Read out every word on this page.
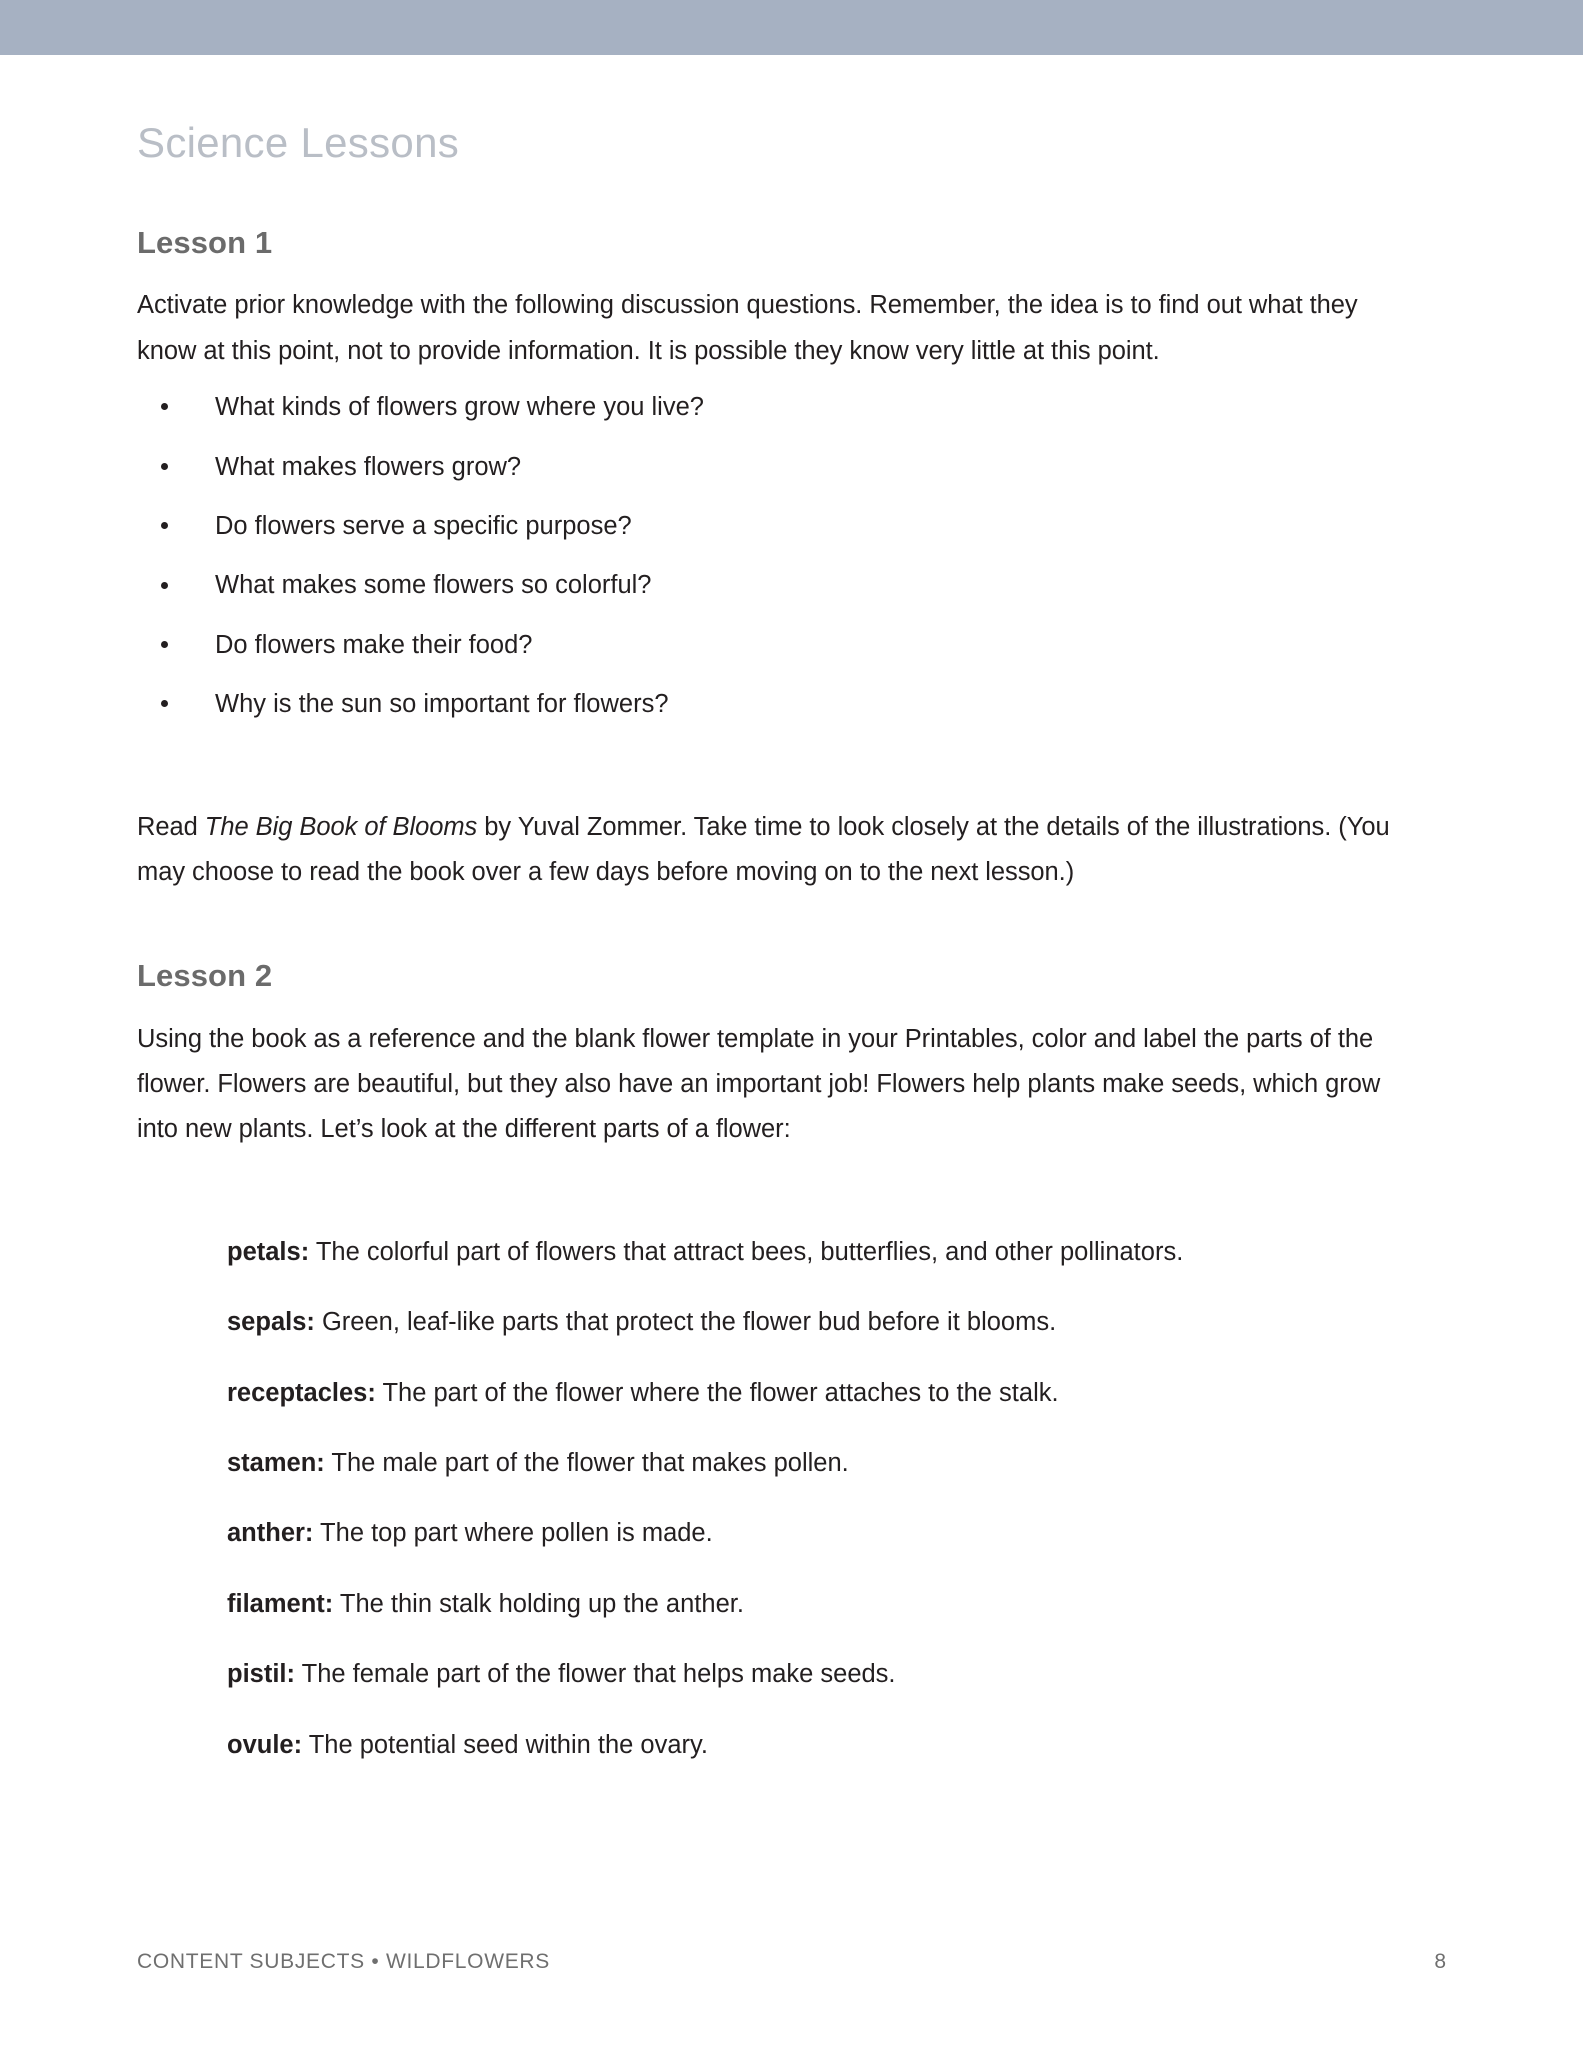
Science Lessons
Lesson 1

Activate prior knowledge with the following discussion questions. Remember, the idea is to find out what they know at this point, not to provide information. It is possible they know very little at this point.

What kinds of flowers grow where you live?
What makes flowers grow?
Do flowers serve a specific purpose?
What makes some flowers so colorful?
Do flowers make their food?
Why is the sun so important for flowers?

Read The Big Book of Blooms by Yuval Zommer. Take time to look closely at the details of the illustrations. (You may choose to read the book over a few days before moving on to the next lesson.)

Lesson 2

Using the book as a reference and the blank flower template in your Printables, color and label the parts of the flower. Flowers are beautiful, but they also have an important job! Flowers help plants make seeds, which grow into new plants. Let’s look at the different parts of a flower:

petals: The colorful part of flowers that attract bees, butterflies, and other pollinators.
sepals: Green, leaf-like parts that protect the flower bud before it blooms.
receptacles: The part of the flower where the flower attaches to the stalk.
stamen: The male part of the flower that makes pollen.
anther: The top part where pollen is made.
filament: The thin stalk holding up the anther.
pistil: The female part of the flower that helps make seeds.
ovule: The potential seed within the ovary.
CONTENT SUBJECTS • WILDFLOWERS	8
